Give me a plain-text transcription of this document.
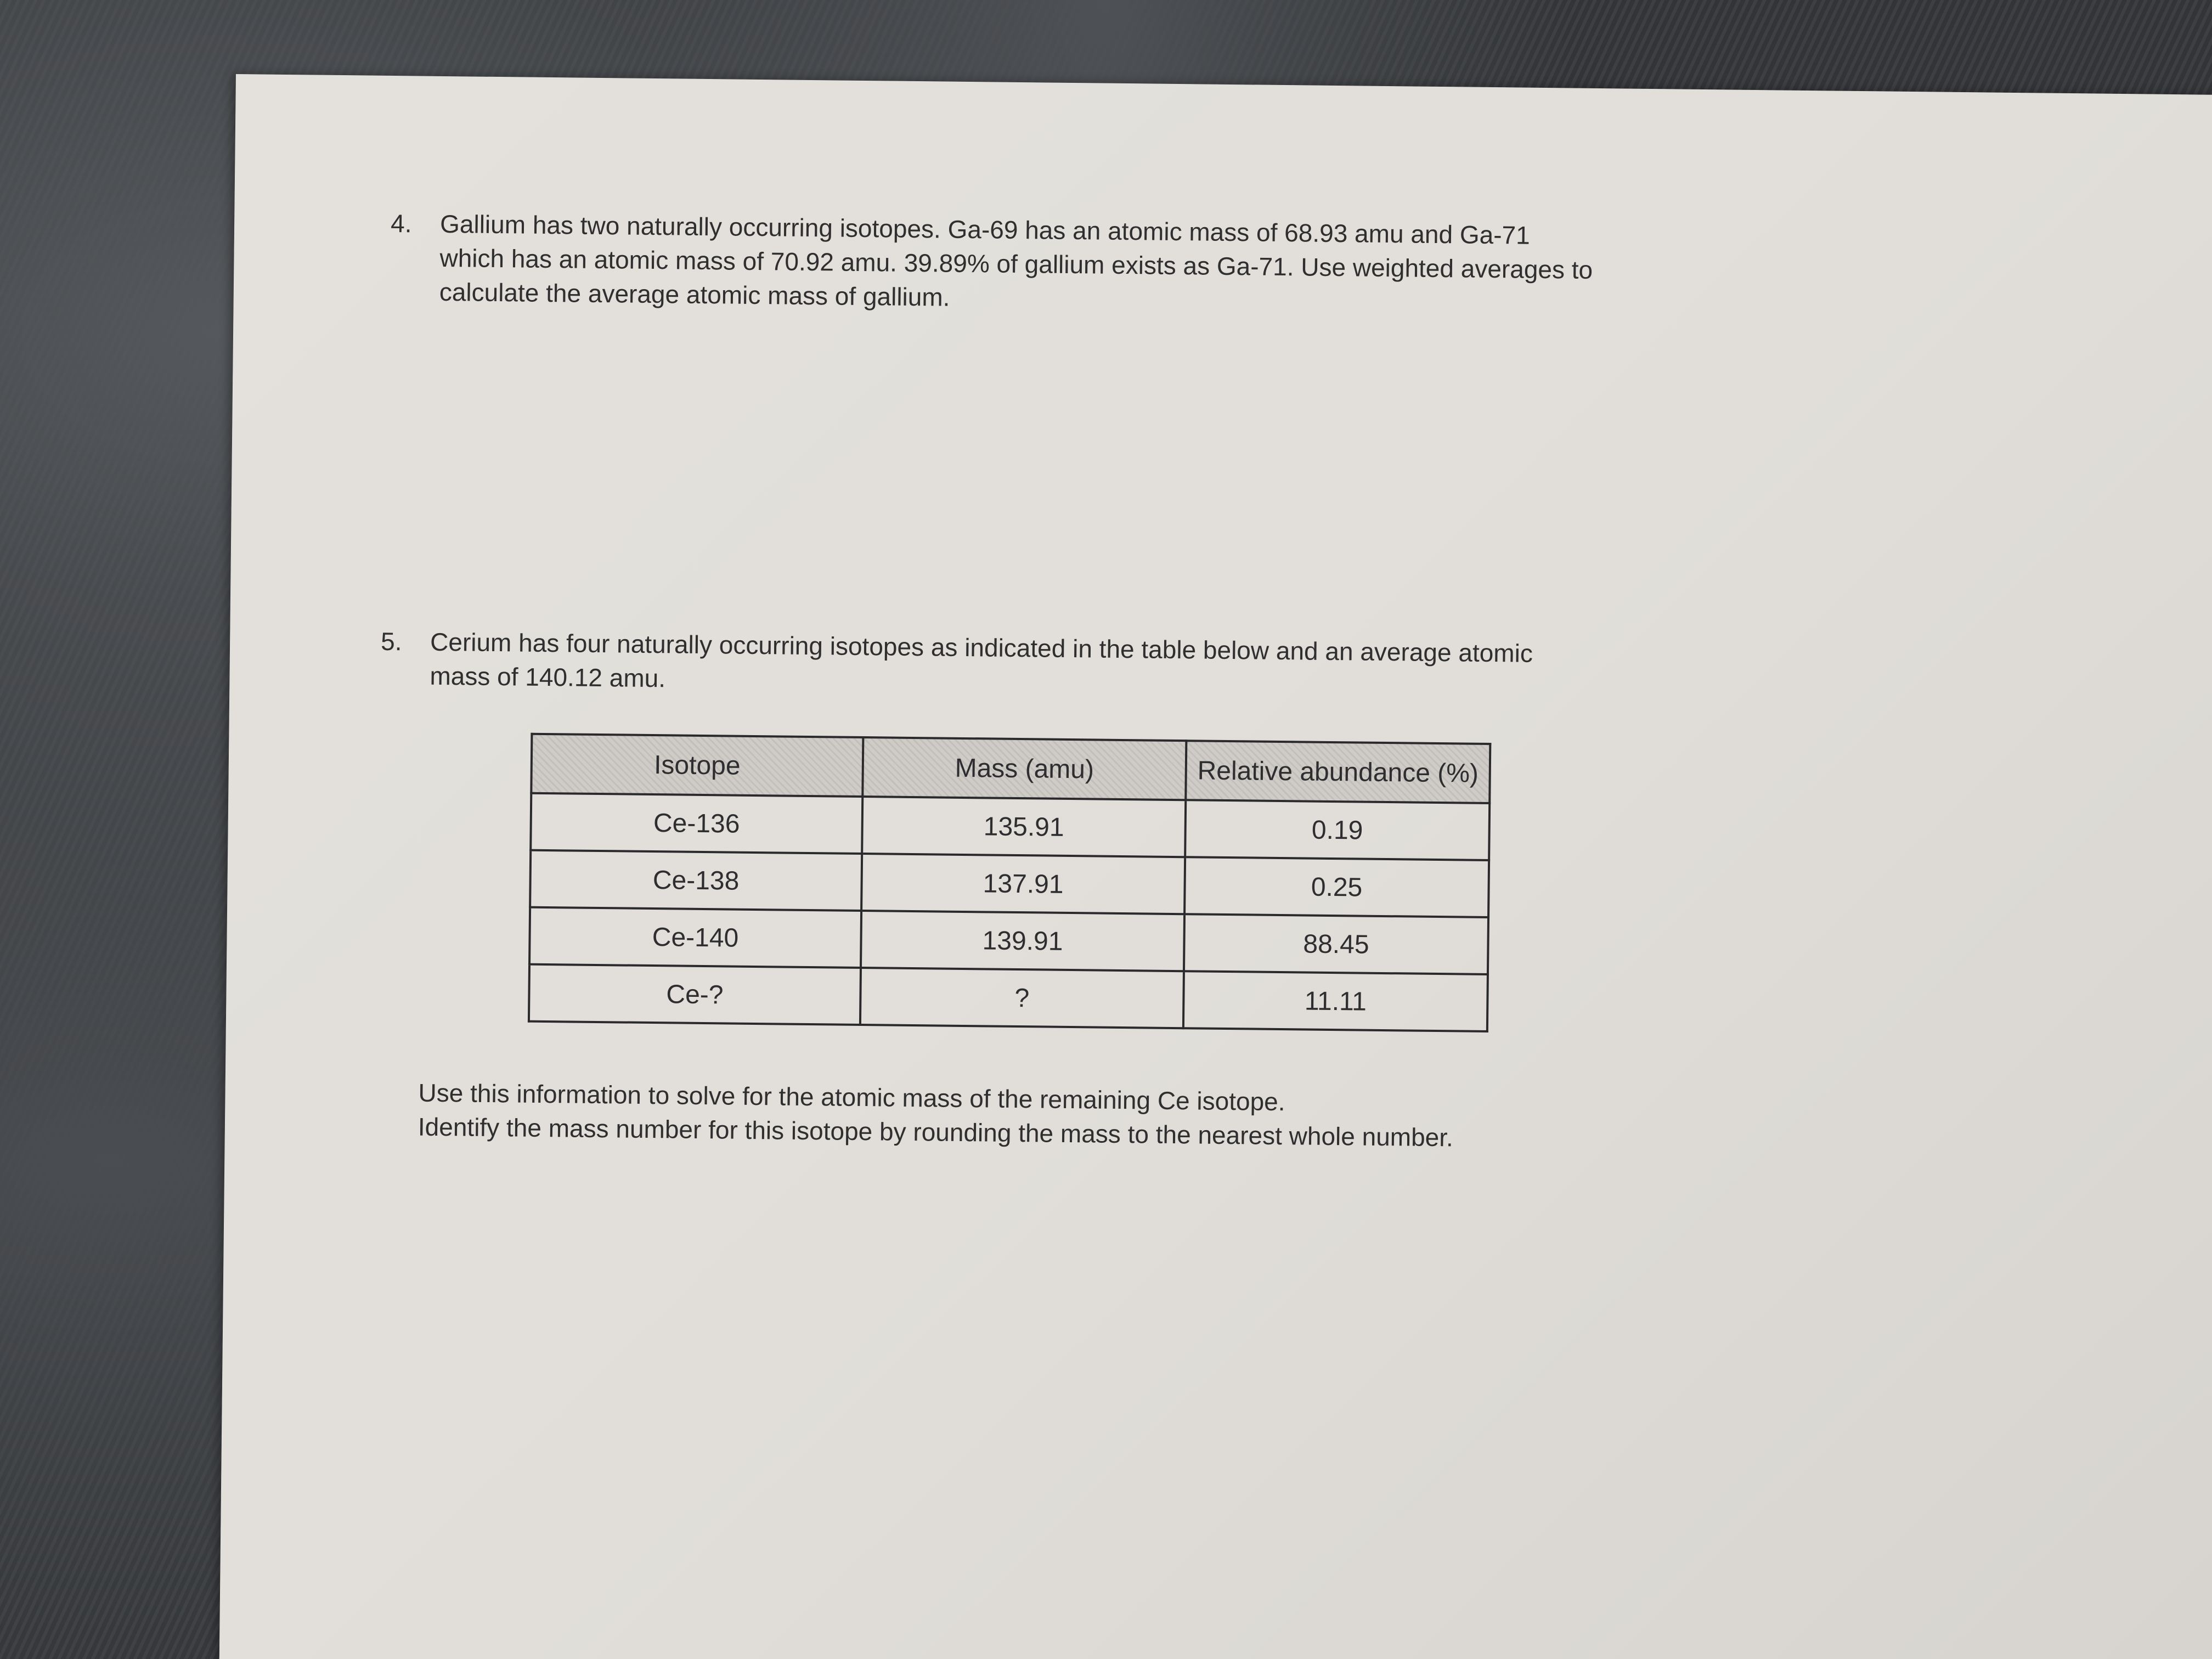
4. Gallium has two naturally occurring isotopes. Ga-69 has an atomic mass of 68.93 amu and Ga-71
which has an atomic mass of 70.92 amu. 39.89% of gallium exists as Ga-71. Use weighted averages to
calculate the average atomic mass of gallium.
5. Cerium has four naturally occurring isotopes as indicated in the table below and an average atomic
mass of 140.12 amu.
Isotope	Mass (amu)	Relative abundance (%)
Ce-136	135.91	0.19
Ce-138	137.91	0.25
Ce-140	139.91	88.45
Ce-?	?	11.11
Use this information to solve for the atomic mass of the remaining Ce isotope.
Identify the mass number for this isotope by rounding the mass to the nearest whole number.
